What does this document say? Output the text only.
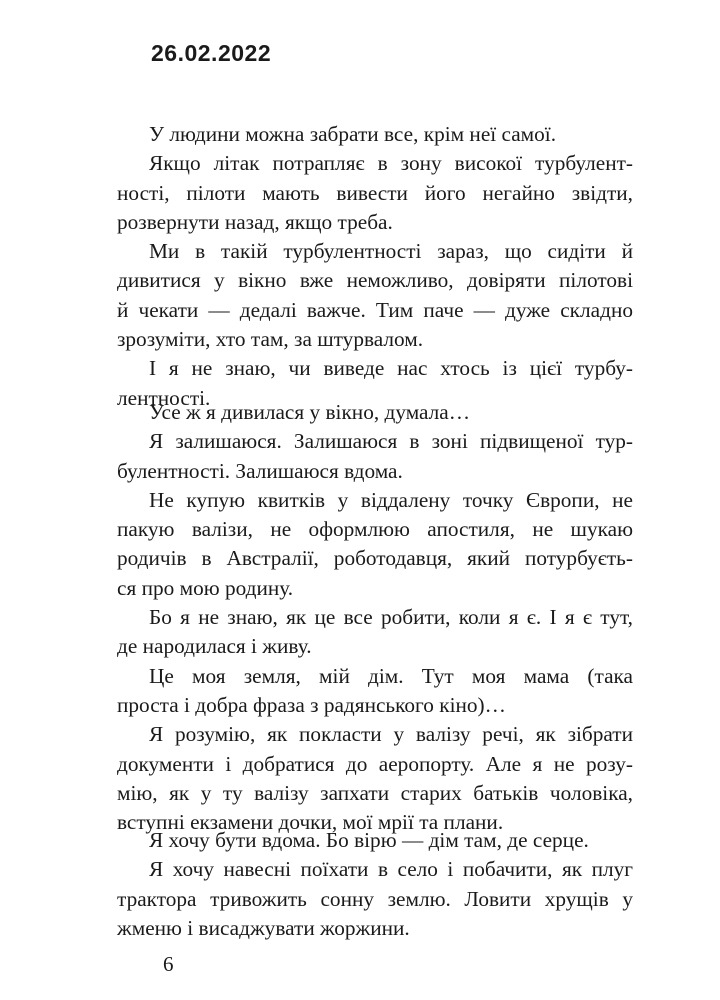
26.02.2022
У людини можна забрати все, крім неї самої.
Якщо літак потрапляє в зону високої турбулент-
ності, пілоти мають вивести його негайно звідти,
розвернути назад, якщо треба.
Ми в такій турбулентності зараз, що сидіти й
дивитися у вікно вже неможливо, довіряти пілотові
й чекати — дедалі важче. Тим паче — дуже складно
зрозуміти, хто там, за штурвалом.
І я не знаю, чи виведе нас хтось із цієї турбу-
лентності.
Усе ж я дивилася у вікно, думала…
Я залишаюся. Залишаюся в зоні підвищеної тур-
булентності. Залишаюся вдома.
Не купую квитків у віддалену точку Європи, не
пакую валізи, не оформлюю апостиля, не шукаю
родичів в Австралії, роботодавця, який потурбуєть-
ся про мою родину.
Бо я не знаю, як це все робити, коли я є. І я є тут,
де народилася і живу.
Це моя земля, мій дім. Тут моя мама (така
проста і добра фраза з радянського кіно)…
Я розумію, як покласти у валізу речі, як зібрати
документи і добратися до аеропорту. Але я не розу-
мію, як у ту валізу запхати старих батьків чоловіка,
вступні екзамени дочки, мої мрії та плани.
Я хочу бути вдома. Бо вірю — дім там, де серце.
Я хочу навесні поїхати в село і побачити, як плуг
трактора тривожить сонну землю. Ловити хрущів у
жменю і висаджувати жоржини.
6
